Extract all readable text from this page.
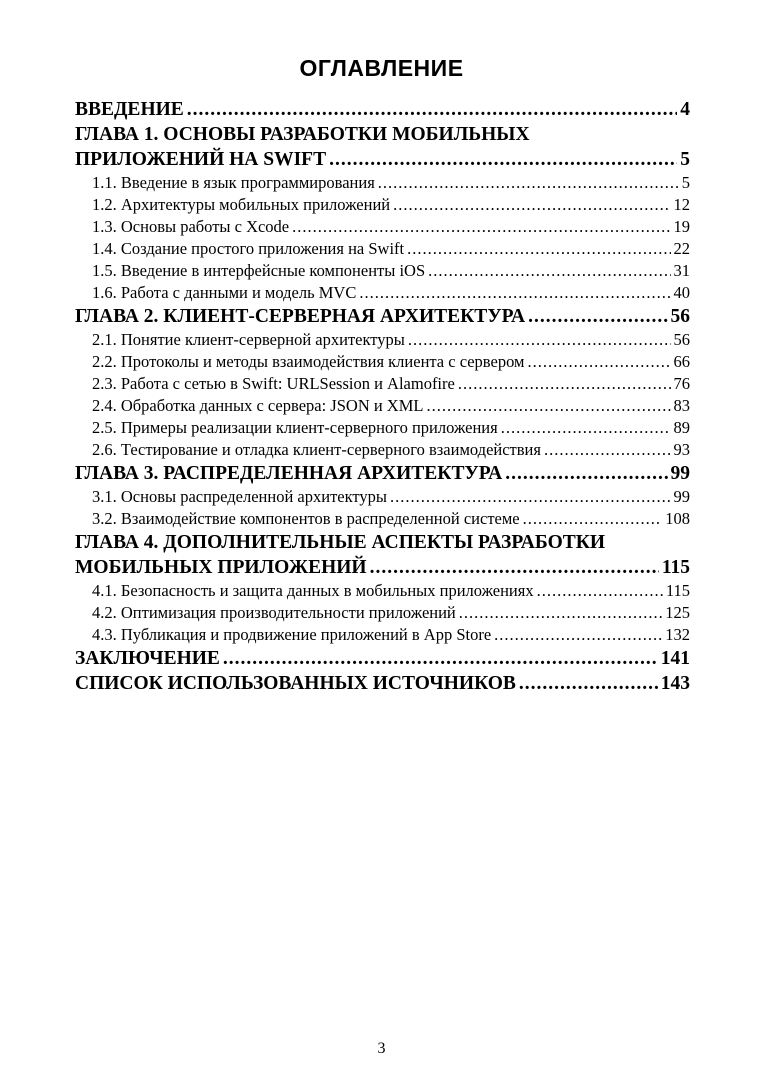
ОГЛАВЛЕНИЕ
ВВЕДЕНИЕ .....	4
ГЛАВА 1. ОСНОВЫ РАЗРАБОТКИ МОБИЛЬНЫХ
ПРИЛОЖЕНИЙ НА SWIFT .....	5
1.1. Введение в язык программирования .....	5
1.2. Архитектуры мобильных приложений .....	12
1.3. Основы работы с Xcode .....	19
1.4. Создание простого приложения на Swift .....	22
1.5. Введение в интерфейсные компоненты iOS .....	31
1.6. Работа с данными и модель MVC .....	40
ГЛАВА 2. КЛИЕНТ-СЕРВЕРНАЯ АРХИТЕКТУРА .....	56
2.1. Понятие клиент-серверной архитектуры .....	56
2.2. Протоколы и методы взаимодействия клиента с сервером .....	66
2.3. Работа с сетью в Swift: URLSession и Alamofire .....	76
2.4. Обработка данных с сервера: JSON и XML .....	83
2.5. Примеры реализации клиент-серверного приложения .....	89
2.6. Тестирование и отладка клиент-серверного взаимодействия .....	93
ГЛАВА 3. РАСПРЕДЕЛЕННАЯ АРХИТЕКТУРА .....	99
3.1. Основы распределенной архитектуры .....	99
3.2. Взаимодействие компонентов в распределенной системе .....	108
ГЛАВА 4. ДОПОЛНИТЕЛЬНЫЕ АСПЕКТЫ РАЗРАБОТКИ
МОБИЛЬНЫХ ПРИЛОЖЕНИЙ .....	115
4.1. Безопасность и защита данных в мобильных приложениях .....	115
4.2. Оптимизация производительности приложений .....	125
4.3. Публикация и продвижение приложений в App Store .....	132
ЗАКЛЮЧЕНИЕ .....	141
СПИСОК ИСПОЛЬЗОВАННЫХ ИСТОЧНИКОВ .....	143
3
